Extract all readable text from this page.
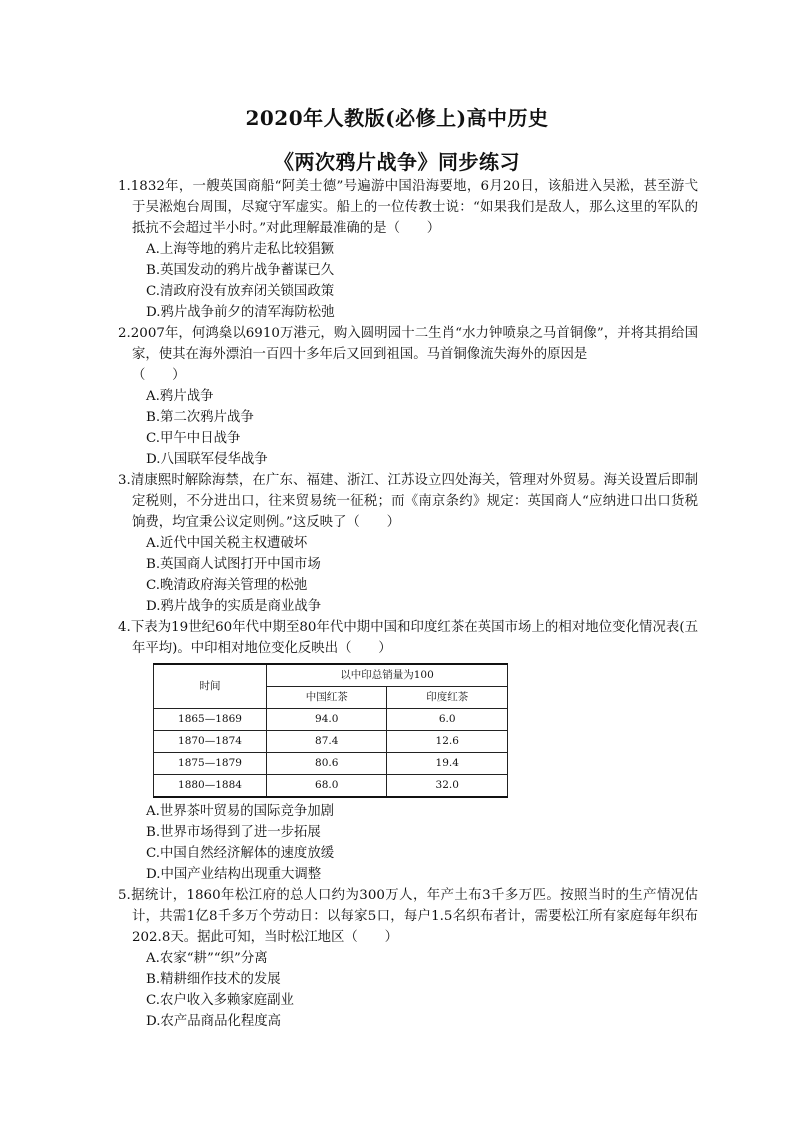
2020年人教版(必修上)高中历史
《两次鸦片战争》同步练习

1.1832年，一艘英国商船“阿美士德”号遍游中国沿海要地，6月20日，该船进入吴淞，甚至游弋于吴淞炮台周围，尽窥守军虚实。船上的一位传教士说：“如果我们是敌人，那么这里的军队的抵抗不会超过半小时。”对此理解最准确的是（　　）

A.上海等地的鸦片走私比较猖獗
B.英国发动的鸦片战争蓄谋已久
C.清政府没有放弃闭关锁国政策
D.鸦片战争前夕的清军海防松弛

2.2007年，何鸿燊以6910万港元，购入圆明园十二生肖“水力钟喷泉之马首铜像”，并将其捐给国家，使其在海外漂泊一百四十多年后又回到祖国。马首铜像流失海外的原因是

（　　）
A.鸦片战争
B.第二次鸦片战争
C.甲午中日战争
D.八国联军侵华战争

3.清康熙时解除海禁，在广东、福建、浙江、江苏设立四处海关，管理对外贸易。海关设置后即制定税则，不分进出口，往来贸易统一征税；而《南京条约》规定：英国商人“应纳进口出口货税饷费，均宜秉公议定则例。”这反映了（　　）

A.近代中国关税主权遭破坏
B.英国商人试图打开中国市场
C.晚清政府海关管理的松弛
D.鸦片战争的实质是商业战争

4.下表为19世纪60年代中期至80年代中期中国和印度红茶在英国市场上的相对地位变化情况表(五年平均)。中印相对地位变化反映出（　　）

时间	以中印总销量为100	
	中国红茶	印度红茶
1865—1869	94.0	6.0
1870—1874	87.4	12.6
1875—1879	80.6	19.4
1880—1884	68.0	32.0
A.世界茶叶贸易的国际竞争加剧
B.世界市场得到了进一步拓展
C.中国自然经济解体的速度放缓
D.中国产业结构出现重大调整

5.据统计，1860年松江府的总人口约为300万人，年产土布3千多万匹。按照当时的生产情况估计，共需1亿8千多万个劳动日：以每家5口，每户1.5名织布者计，需要松江所有家庭每年织布202.8天。据此可知，当时松江地区（　　）

A.农家“耕”“织”分离
B.精耕细作技术的发展
C.农户收入多赖家庭副业
D.农产品商品化程度高
